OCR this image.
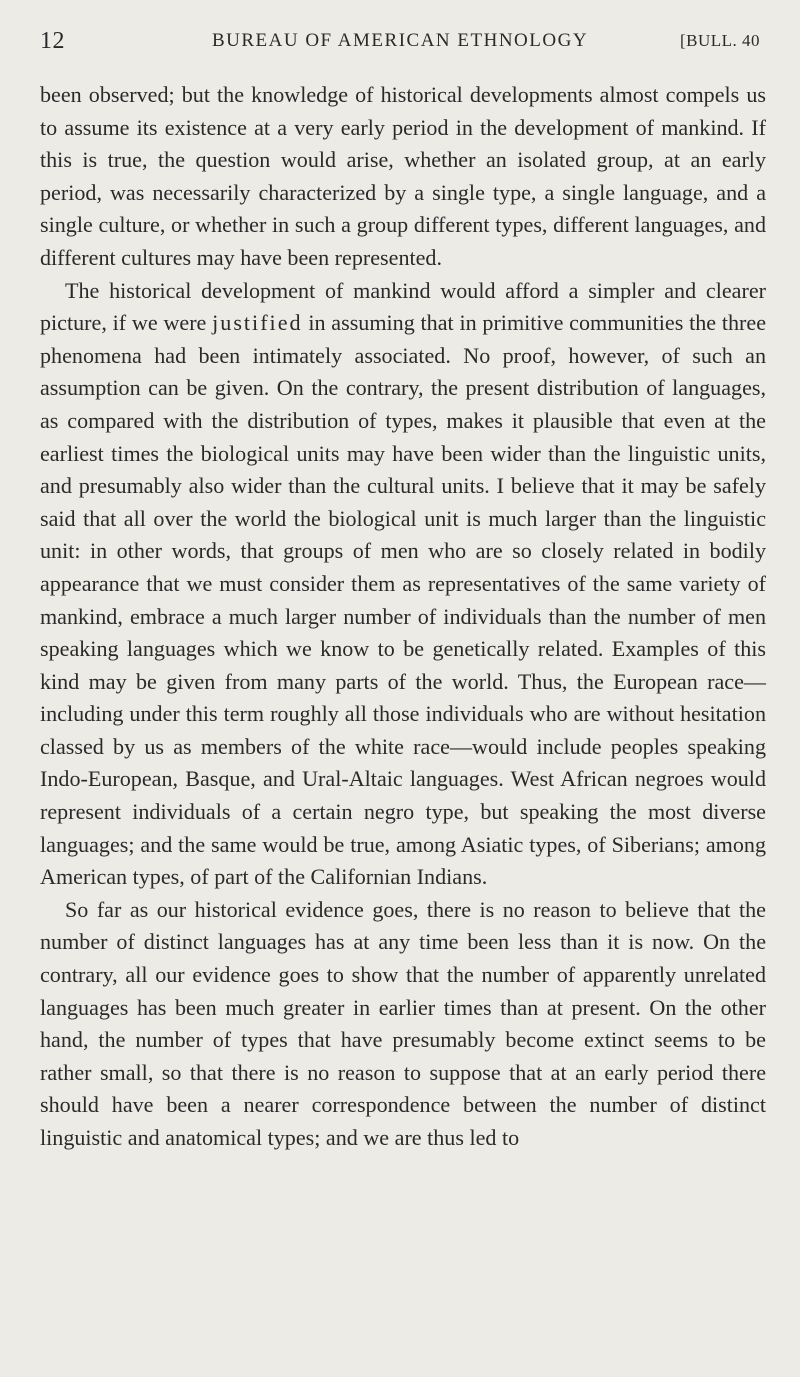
12	BUREAU OF AMERICAN ETHNOLOGY	[BULL. 40

been observed; but the knowledge of historical developments almost compels us to assume its existence at a very early period in the development of mankind. If this is true, the question would arise, whether an isolated group, at an early period, was necessarily characterized by a single type, a single language, and a single culture, or whether in such a group different types, different languages, and different cultures may have been represented.

The historical development of mankind would afford a simpler and clearer picture, if we were justified in assuming that in primitive communities the three phenomena had been intimately associated. No proof, however, of such an assumption can be given. On the contrary, the present distribution of languages, as compared with the distribution of types, makes it plausible that even at the earliest times the biological units may have been wider than the linguistic units, and presumably also wider than the cultural units. I believe that it may be safely said that all over the world the biological unit is much larger than the linguistic unit: in other words, that groups of men who are so closely related in bodily appearance that we must consider them as representatives of the same variety of mankind, embrace a much larger number of individuals than the number of men speaking languages which we know to be genetically related. Examples of this kind may be given from many parts of the world. Thus, the European race—including under this term roughly all those individuals who are without hesitation classed by us as members of the white race—would include peoples speaking Indo-European, Basque, and Ural-Altaic languages. West African negroes would represent individuals of a certain negro type, but speaking the most diverse languages; and the same would be true, among Asiatic types, of Siberians; among American types, of part of the Californian Indians.

So far as our historical evidence goes, there is no reason to believe that the number of distinct languages has at any time been less than it is now. On the contrary, all our evidence goes to show that the number of apparently unrelated languages has been much greater in earlier times than at present. On the other hand, the number of types that have presumably become extinct seems to be rather small, so that there is no reason to suppose that at an early period there should have been a nearer correspondence between the number of distinct linguistic and anatomical types; and we are thus led to
